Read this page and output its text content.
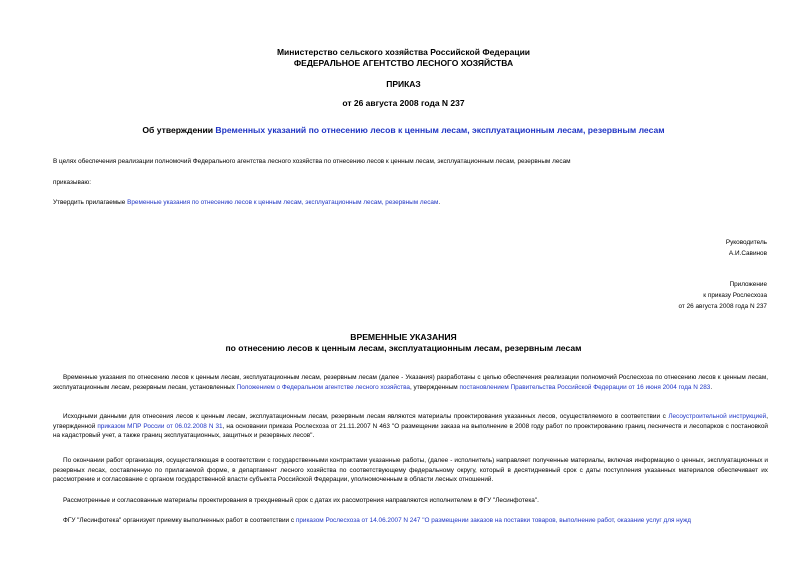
Министерство сельского хозяйства Российской Федерации
ФЕДЕРАЛЬНОЕ АГЕНТСТВО ЛЕСНОГО ХОЗЯЙСТВА
ПРИКАЗ
от 26 августа 2008 года N 237
Об утверждении Временных указаний по отнесению лесов к ценным лесам, эксплуатационным лесам, резервным лесам
В целях обеспечения реализации полномочий Федерального агентства лесного хозяйства по отнесению лесов к ценным лесам, эксплуатационным лесам, резервным лесам
приказываю:
Утвердить прилагаемые Временные указания по отнесению лесов к ценным лесам, эксплуатационным лесам, резервным лесам.
Руководитель
А.И.Савинов
Приложение
к приказу Рослесхоза
от 26 августа 2008 года N 237
ВРЕМЕННЫЕ УКАЗАНИЯ
по отнесению лесов к ценным лесам, эксплуатационным лесам, резервным лесам
Временные указания по отнесению лесов к ценным лесам, эксплуатационным лесам, резервным лесам (далее - Указания) разработаны с целью обеспечения реализации полномочий Рослесхоза по отнесению лесов к ценным лесам, эксплуатационным лесам, резервным лесам, установленных Положением о Федеральном агентстве лесного хозяйства, утвержденным постановлением Правительства Российской Федерации от 16 июня 2004 года N 283.
Исходными данными для отнесения лесов к ценным лесам, эксплуатационным лесам, резервным лесам являются материалы проектирования указанных лесов, осуществляемого в соответствии с Лесоустроительной инструкцией, утвержденной приказом МПР России от 06.02.2008 N 31, на основании приказа Рослесхоза от 21.11.2007 N 463 "О размещении заказа на выполнение в 2008 году работ по проектированию границ лесничеств и лесопарков с постановкой на кадастровый учет, а также границ эксплуатационных, защитных и резервных лесов".
По окончании работ организация, осуществляющая в соответствии с государственными контрактами указанные работы, (далее - исполнитель) направляет полученные материалы, включая информацию о ценных, эксплуатационных и резервных лесах, составленную по прилагаемой форме, в департамент лесного хозяйства по соответствующему федеральному округу, который в десятидневный срок с даты поступления указанных материалов обеспечивает их рассмотрение и согласование с органом государственной власти субъекта Российской Федерации, уполномоченным в области лесных отношений.
Рассмотренные и согласованные материалы проектирования в трехдневный срок с датах их рассмотрения направляются исполнителем в ФГУ "Лесинфотека".
ФГУ "Лесинфотека" организует приемку выполненных работ в соответствии с приказом Рослесхоза от 14.06.2007 N 247 "О размещении заказов на поставки товаров, выполнение работ, оказание услуг для нужд
